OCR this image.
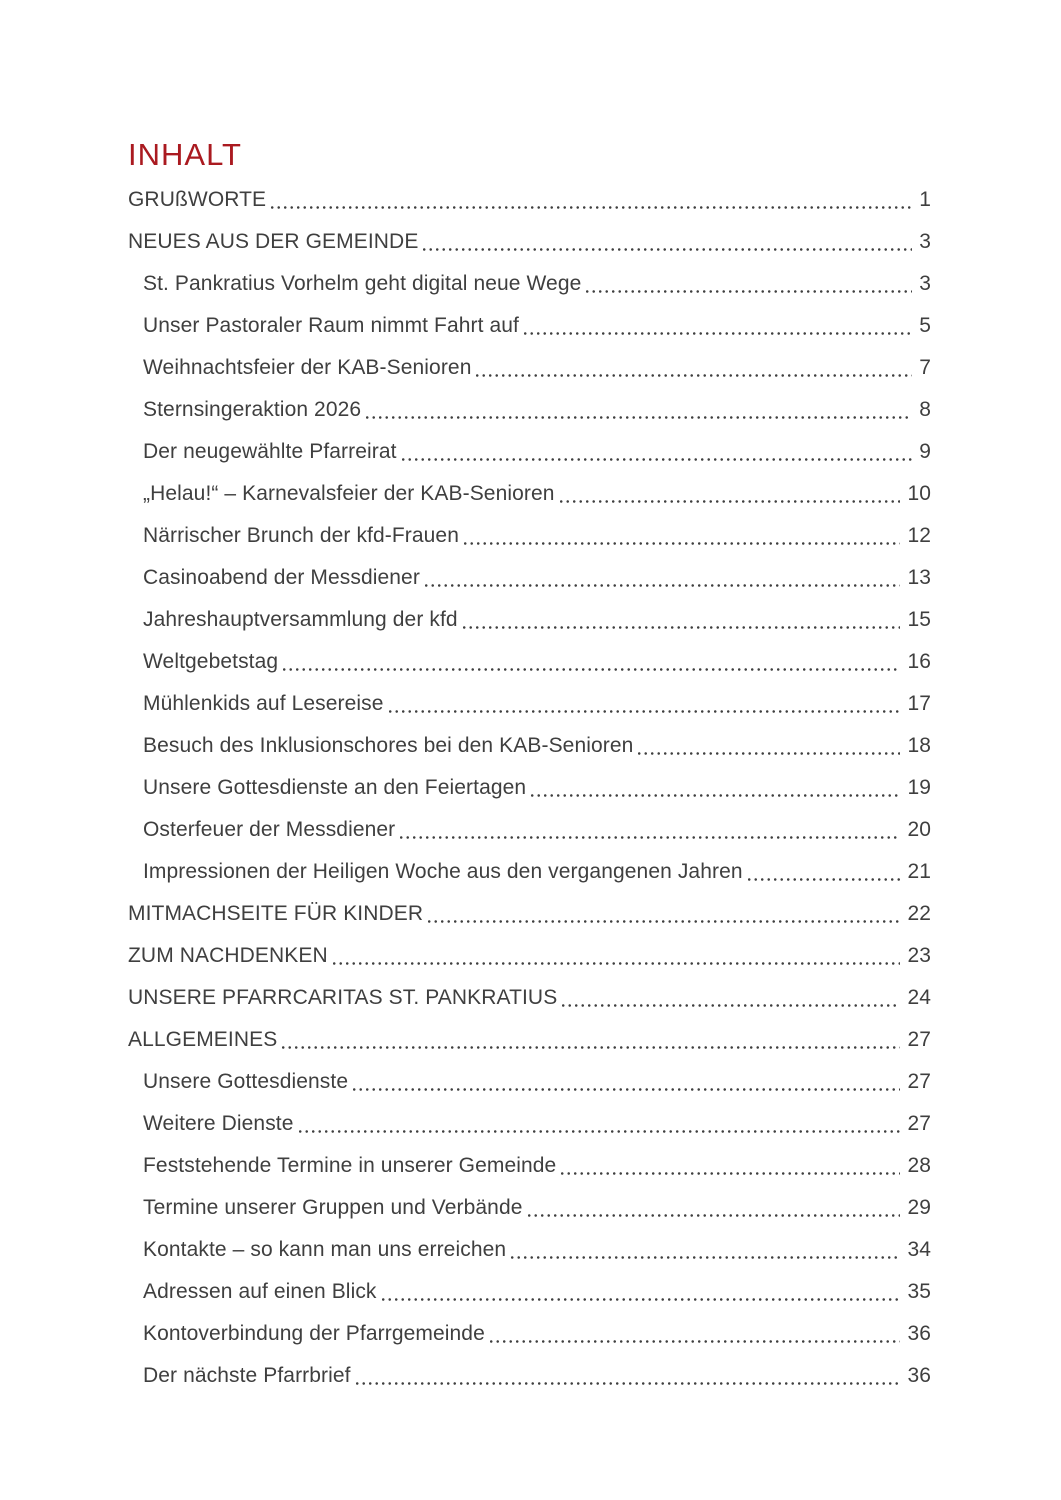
INHALT
GRUßWORTE	1
NEUES AUS DER GEMEINDE	3
St. Pankratius Vorhelm geht digital neue Wege	3
Unser Pastoraler Raum nimmt Fahrt auf	5
Weihnachtsfeier der KAB-Senioren	7
Sternsingeraktion 2026	8
Der neugewählte Pfarreirat	9
„Helau!“ – Karnevalsfeier der KAB-Senioren	10
Närrischer Brunch der kfd-Frauen	12
Casinoabend der Messdiener	13
Jahreshauptversammlung der kfd	15
Weltgebetstag	16
Mühlenkids auf Lesereise	17
Besuch des Inklusionschores bei den KAB-Senioren	18
Unsere Gottesdienste an den Feiertagen	19
Osterfeuer der Messdiener	20
Impressionen der Heiligen Woche aus den vergangenen Jahren	21
MITMACHSEITE FÜR KINDER	22
ZUM NACHDENKEN	23
UNSERE PFARRCARITAS ST. PANKRATIUS	24
ALLGEMEINES	27
Unsere Gottesdienste	27
Weitere Dienste	27
Feststehende Termine in unserer Gemeinde	28
Termine unserer Gruppen und Verbände	29
Kontakte – so kann man uns erreichen	34
Adressen auf einen Blick	35
Kontoverbindung der Pfarrgemeinde	36
Der nächste Pfarrbrief	36
